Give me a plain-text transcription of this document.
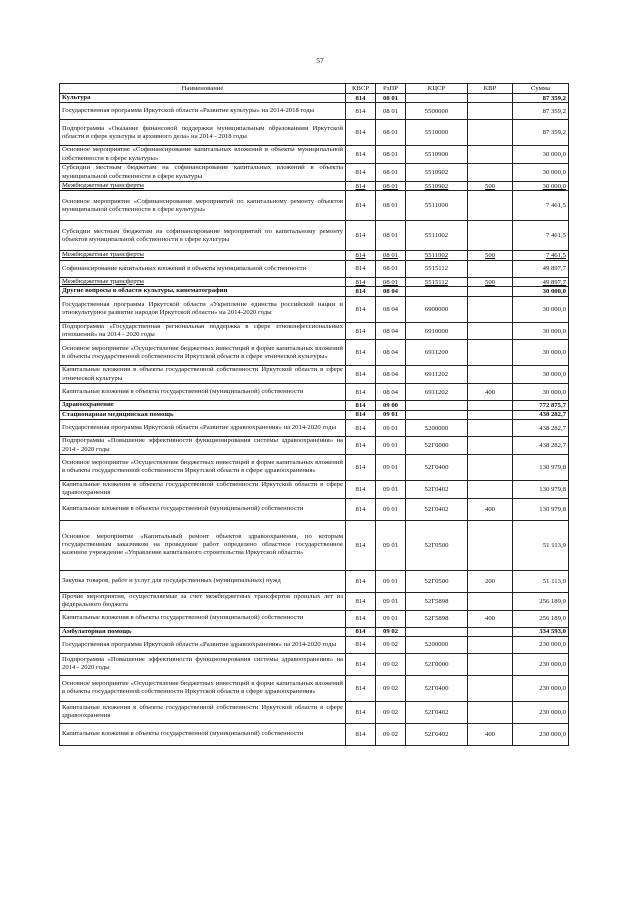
57
Наименование	КВСР	РзПР	КЦСР	КВР	Сумма
Культура	814	08 01			87 359,2
Государственная программа Иркутской области «Развитие культуры» на 2014-2018 годы	814	08 01	5500000		87 359,2
Подпрограмма «Оказание финансовой поддержки муниципальным образованиям Иркутской области в сфере культуры и архивного дела» на 2014 - 2018 годы	814	08 01	5510000		87 359,2
Основное мероприятие «Софинансирование капитальных вложений в объекты муниципальной собственности в сфере культуры»	814	08 01	5510900		30 000,0
Субсидии местным бюджетам на софинансирование капитальных вложений в объекты муниципальной собственности в сфере культуры	814	08 01	5510902		30 000,0
Межбюджетные трансферты	814	08 01	5510902	500	30 000,0
Основное мероприятие «Софинансирование мероприятий по капитальному ремонту объектов муниципальной собственности в сфере культуры»	814	08 01	5511000		7 461,5
Субсидии местным бюджетам на софинансирование мероприятий по капитальному ремонту объектов муниципальной собственности в сфере культуры	814	08 01	5511002		7 461,5
Межбюджетные трансферты	814	08 01	5511002	500	7 461,5
Софинансирование капитальных вложений в объекты муниципальной собственности	814	08 01	5515112		49 897,7
Межбюджетные трансферты	814	08 01	5515112	500	49 897,7
Другие вопросы в области культуры, кинематографии	814	08 04			30 000,0
Государственная программа Иркутской области «Укрепление единства российской нации и этнокультурное развитие народов Иркутской области» на 2014-2020 годы	814	08 04	6900000		30 000,0
Подпрограмма «Государственная региональная поддержка в сфере этноконфессиональных отношений» на 2014 - 2020 годы	814	08 04	6910000		30 000,0
Основное мероприятие «Осуществление бюджетных инвестиций в форме капитальных вложений в объекты государственной собственности Иркутской области в сфере этнической культуры»	814	08 04	6911200		30 000,0
Капитальные вложения в объекты государственной собственности Иркутской области в сфере этнической культуры	814	08 04	6911202		30 000,0
Капитальные вложения в объекты государственной (муниципальной) собственности	814	08 04	6911202	400	30 000,0
Здравоохранение	814	09 00			772 875,7
Стационарная медицинская помощь	814	09 01			438 282,7
Государственная программа Иркутской области «Развитие здравоохранения» на 2014-2020 годы	814	09 01	5200000		438 282,7
Подпрограмма «Повышение эффективности функционирования системы здравоохранения» на 2014 - 2020 годы	814	09 01	52Г0000		438 282,7
Основное мероприятие «Осуществление бюджетных инвестиций в форме капитальных вложений в объекты государственной собственности Иркутской области в сфере здравоохранения»	814	09 01	52Г0400		130 979,8
Капитальные вложения в объекты государственной собственности Иркутской области в сфере здравоохранения	814	09 01	52Г0402		130 979,8
Капитальные вложения в объекты государственной (муниципальной) собственности	814	09 01	52Г0402	400	130 979,8
Основное мероприятие «Капитальный ремонт объектов здравоохранения, по которым государственным заказчиком на проведение работ определено областное государственное казенное учреждение «Управление капитального строительства Иркутской области»	814	09 01	52Г0500		51 113,9
Закупка товаров, работ и услуг для государственных (муниципальных) нужд	814	09 01	52Г0500	200	51 113,9
Прочие мероприятия, осуществляемые за счет межбюджетных трансфертов прошлых лет из федерального бюджета	814	09 01	52Г5898		256 189,0
Капитальные вложения в объекты государственной (муниципальной) собственности	814	09 01	52Г5898	400	256 189,0
Амбулаторная помощь	814	09 02			334 593,0
Государственная программа Иркутской области «Развитие здравоохранения» на 2014-2020 годы	814	09 02	5200000		230 000,0
Подпрограмма «Повышение эффективности функционирования системы здравоохранения» на 2014 - 2020 годы	814	09 02	52Г0000		230 000,0
Основное мероприятие «Осуществление бюджетных инвестиций в форме капитальных вложений в объекты государственной собственности Иркутской области в сфере здравоохранения»	814	09 02	52Г0400		230 000,0
Капитальные вложения в объекты государственной собственности Иркутской области в сфере здравоохранения	814	09 02	52Г0402		230 000,0
Капитальные вложения в объекты государственной (муниципальной) собственности	814	09 02	52Г0402	400	230 000,0
